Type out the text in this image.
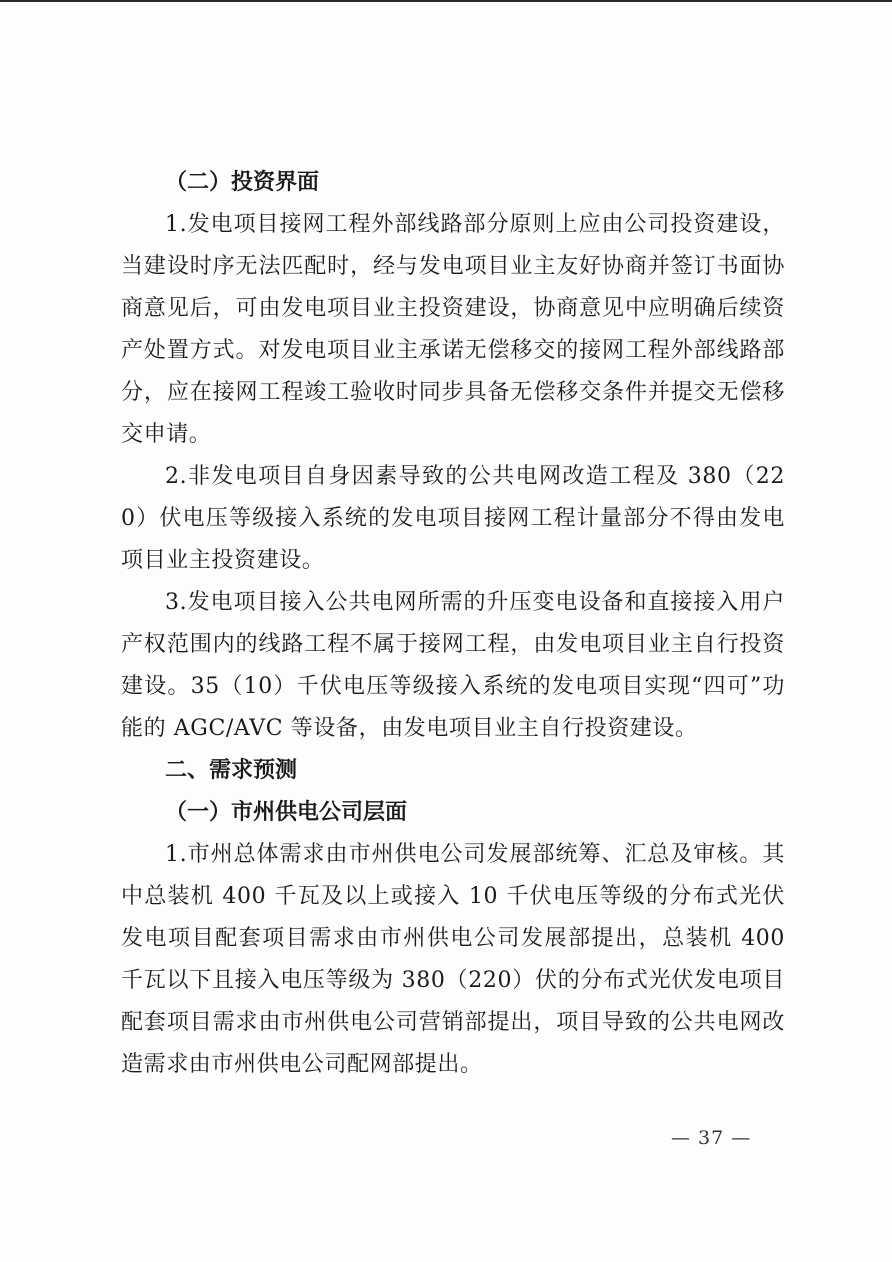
（二）投资界面

1.发电项目接网工程外部线路部分原则上应由公司投资建设，当建设时序无法匹配时，经与发电项目业主友好协商并签订书面协商意见后，可由发电项目业主投资建设，协商意见中应明确后续资产处置方式。对发电项目业主承诺无偿移交的接网工程外部线路部分，应在接网工程竣工验收时同步具备无偿移交条件并提交无偿移交申请。

2.非发电项目自身因素导致的公共电网改造工程及 380（220）伏电压等级接入系统的发电项目接网工程计量部分不得由发电项目业主投资建设。

3.发电项目接入公共电网所需的升压变电设备和直接接入用户产权范围内的线路工程不属于接网工程，由发电项目业主自行投资建设。35（10）千伏电压等级接入系统的发电项目实现“四可”功能的 AGC/AVC 等设备，由发电项目业主自行投资建设。

二、需求预测

（一）市州供电公司层面

1.市州总体需求由市州供电公司发展部统筹、汇总及审核。其中总装机 400 千瓦及以上或接入 10 千伏电压等级的分布式光伏发电项目配套项目需求由市州供电公司发展部提出，总装机 400 千瓦以下且接入电压等级为 380（220）伏的分布式光伏发电项目配套项目需求由市州供电公司营销部提出，项目导致的公共电网改造需求由市州供电公司配网部提出。

— 37 —
